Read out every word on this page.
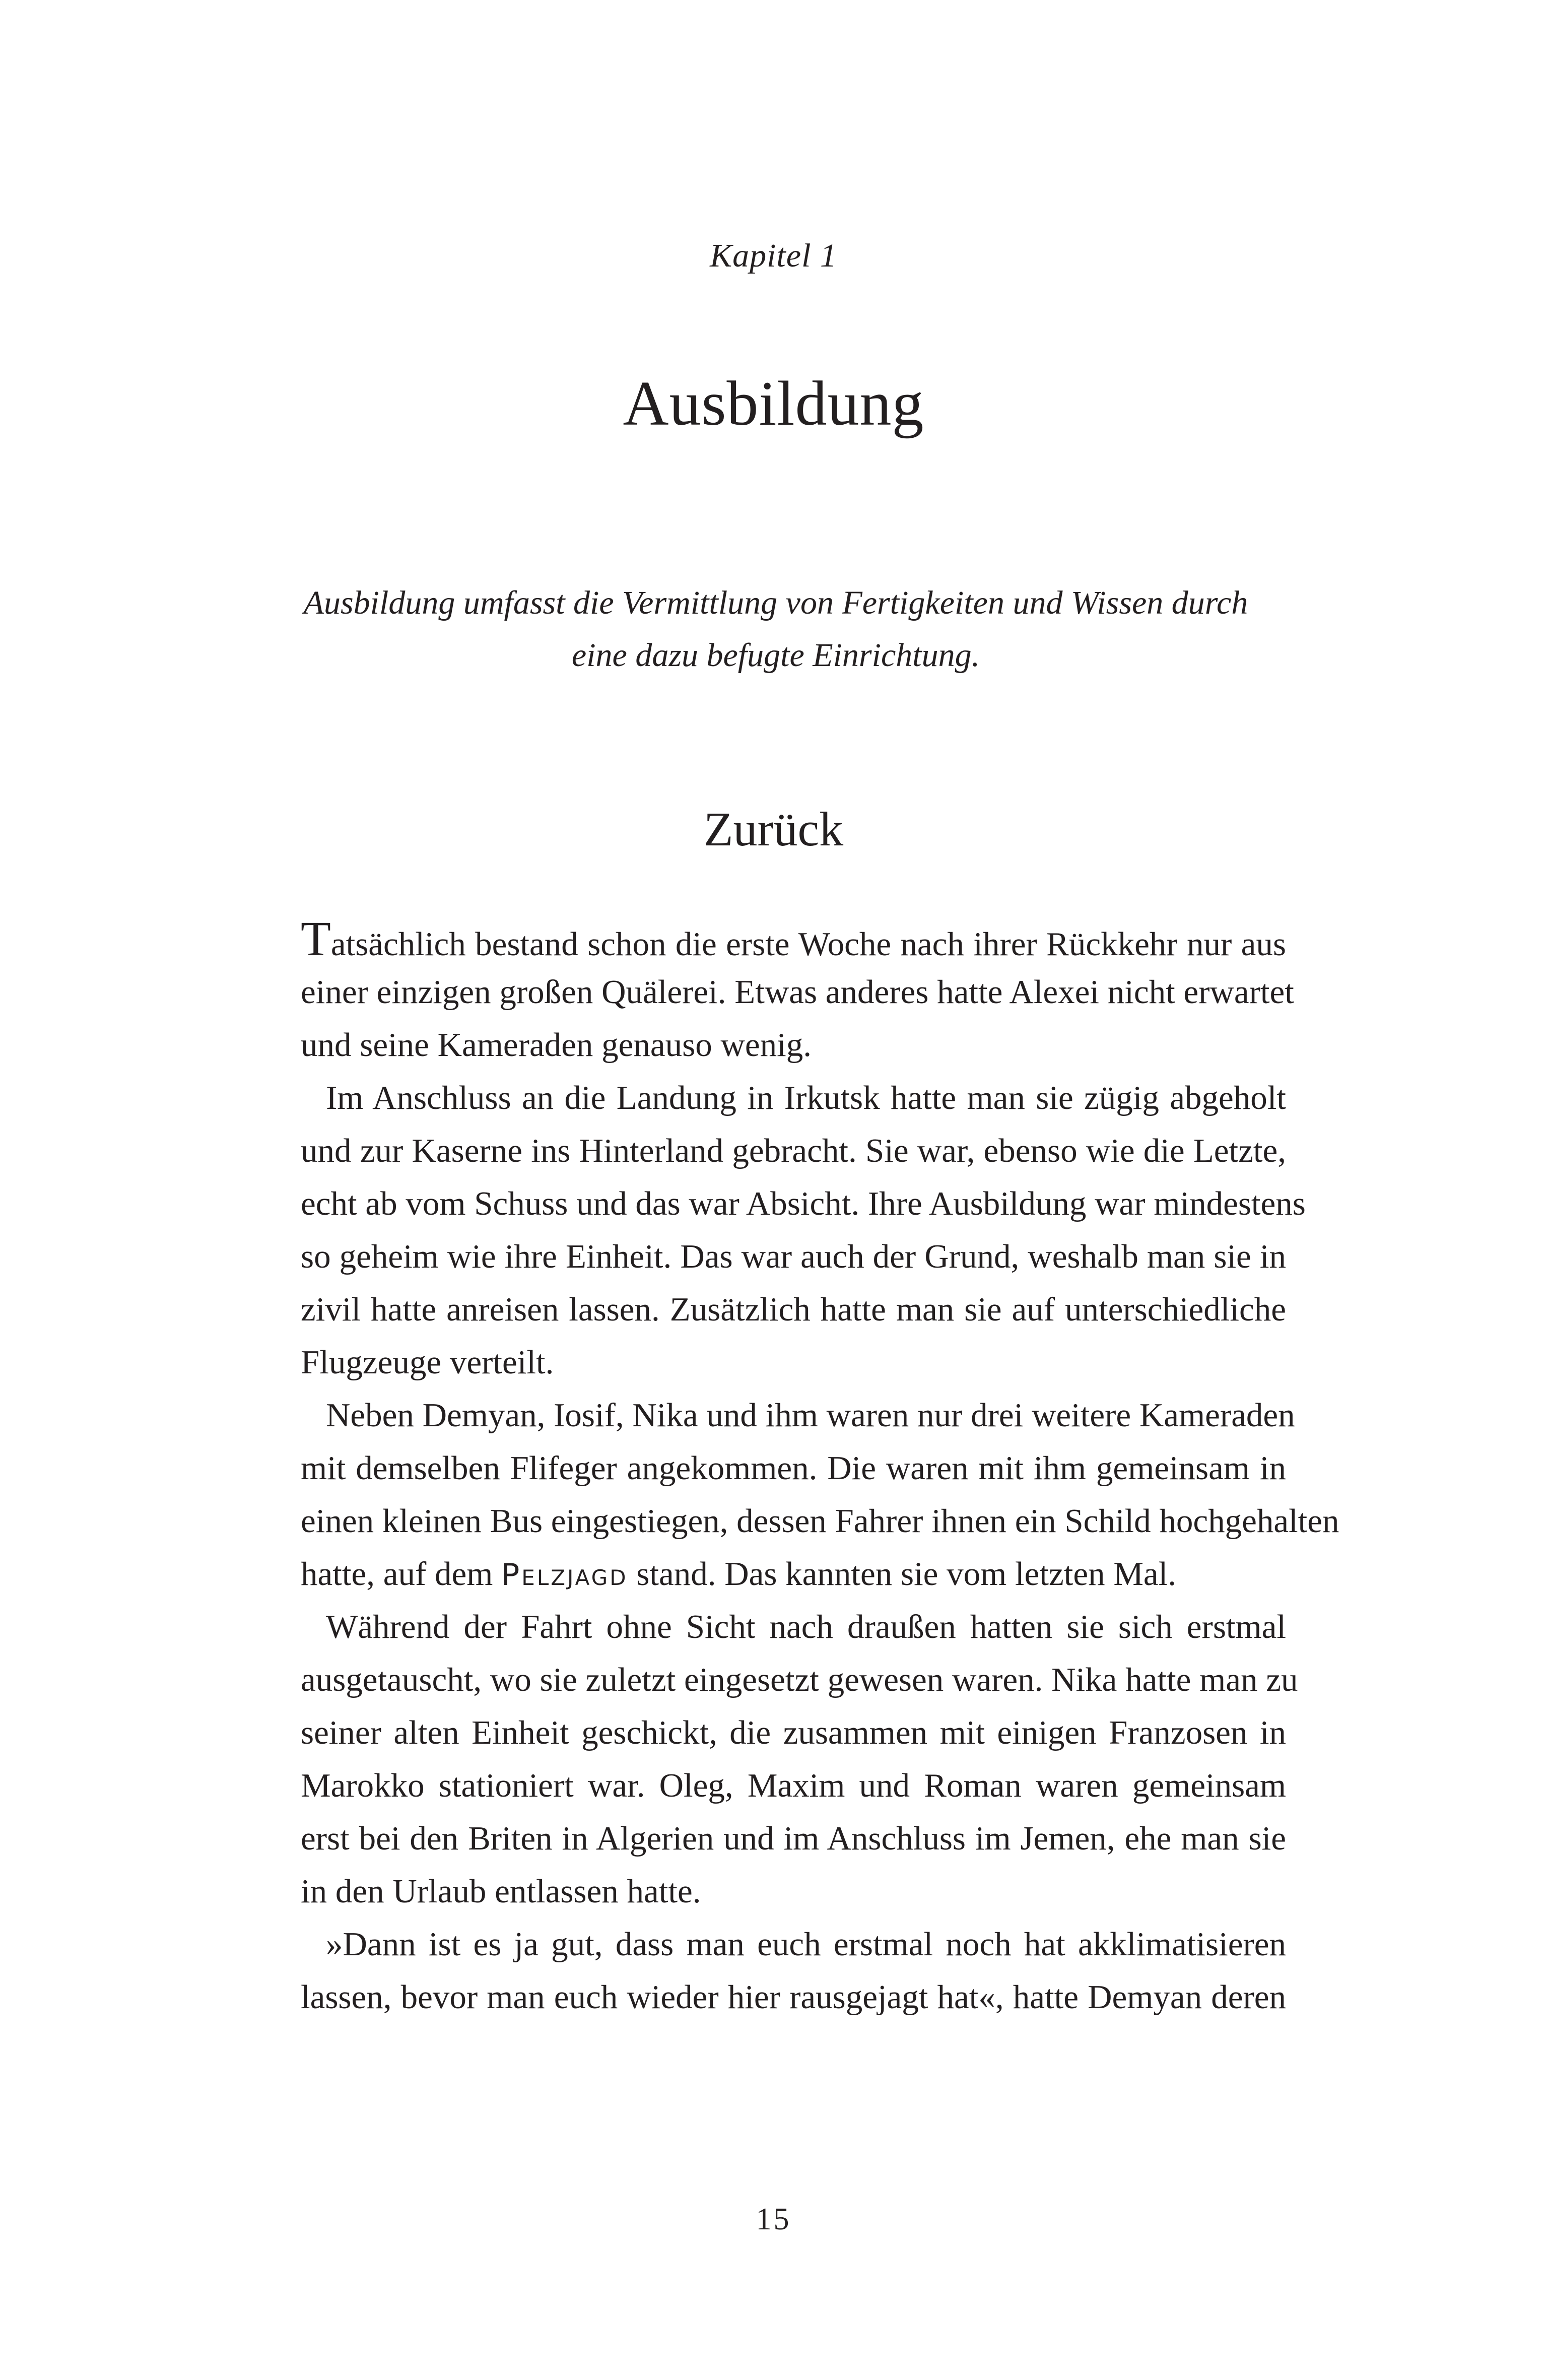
Kapitel 1
Ausbildung
Ausbildung umfasst die Vermittlung von Fertigkeiten und Wissen durch
eine dazu befugte Einrichtung.
Zurück
Tatsächlich bestand schon die erste Woche nach ihrer Rückkehr nur aus
einer einzigen großen Quälerei. Etwas anderes hatte Alexei nicht erwartet
und seine Kameraden genauso wenig.
Im Anschluss an die Landung in Irkutsk hatte man sie zügig abgeholt
und zur Kaserne ins Hinterland gebracht. Sie war, ebenso wie die Letzte,
echt ab vom Schuss und das war Absicht. Ihre Ausbildung war mindestens
so geheim wie ihre Einheit. Das war auch der Grund, weshalb man sie in
zivil hatte anreisen lassen. Zusätzlich hatte man sie auf unterschiedliche
Flugzeuge verteilt.
Neben Demyan, Iosif, Nika und ihm waren nur drei weitere Kameraden
mit demselben Flifeger angekommen. Die waren mit ihm gemeinsam in
einen kleinen Bus eingestiegen, dessen Fahrer ihnen ein Schild hochgehalten
hatte, auf dem Pelzjagd stand. Das kannten sie vom letzten Mal.
Während der Fahrt ohne Sicht nach draußen hatten sie sich erstmal
ausgetauscht, wo sie zuletzt eingesetzt gewesen waren. Nika hatte man zu
seiner alten Einheit geschickt, die zusammen mit einigen Franzosen in
Marokko stationiert war. Oleg, Maxim und Roman waren gemeinsam
erst bei den Briten in Algerien und im Anschluss im Jemen, ehe man sie
in den Urlaub entlassen hatte.
»Dann ist es ja gut, dass man euch erstmal noch hat akklimatisieren
lassen, bevor man euch wieder hier rausgejagt hat«, hatte Demyan deren
15
